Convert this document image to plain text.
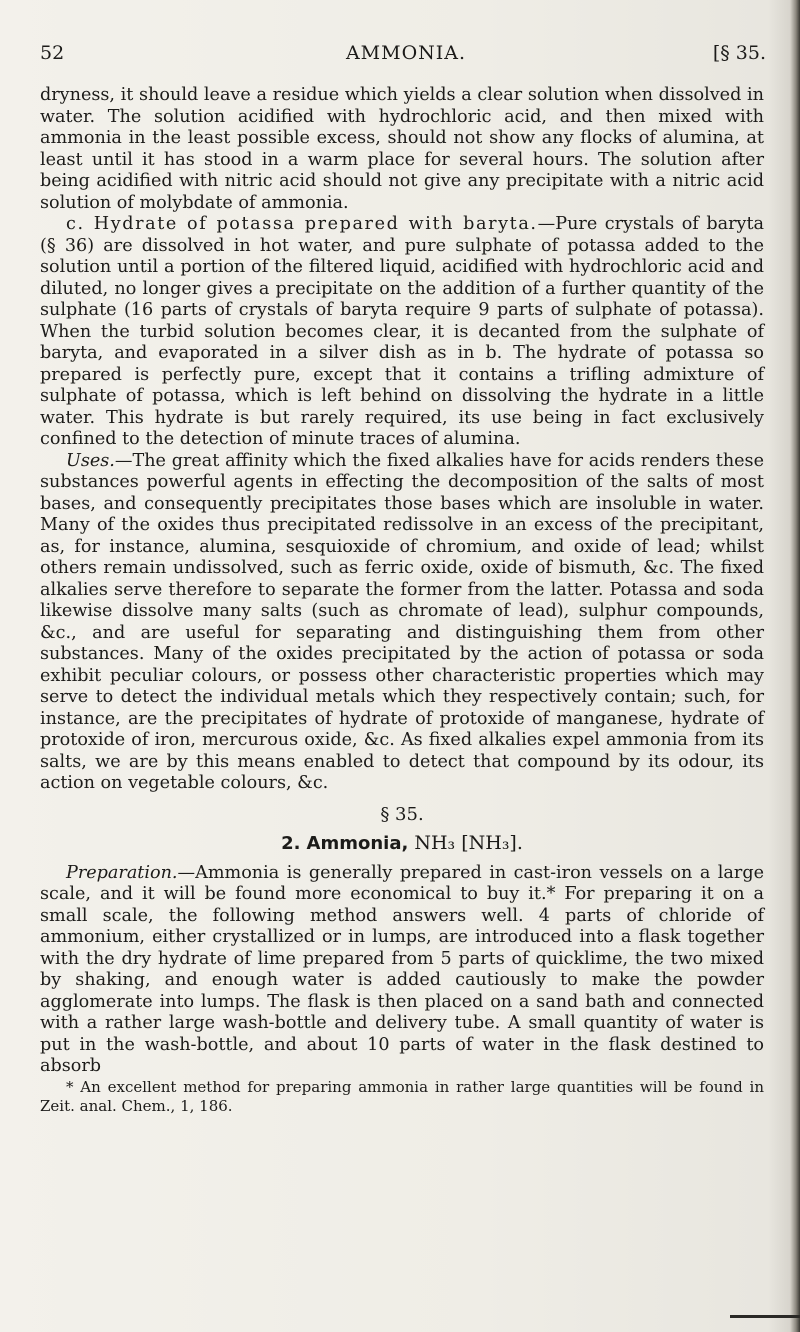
52	AMMONIA.	[§ 35.

dryness, it should leave a residue which yields a clear solution when dissolved in water. The solution acidified with hydrochloric acid, and then mixed with ammonia in the least possible excess, should not show any flocks of alumina, at least until it has stood in a warm place for several hours. The solution after being acidified with nitric acid should not give any precipitate with a nitric acid solution of molybdate of ammonia.

c. Hydrate of potassa prepared with baryta.—Pure crystals of baryta (§ 36) are dissolved in hot water, and pure sulphate of potassa added to the solution until a portion of the filtered liquid, acidified with hydrochloric acid and diluted, no longer gives a precipitate on the addition of a further quantity of the sulphate (16 parts of crystals of baryta require 9 parts of sulphate of potassa). When the turbid solution becomes clear, it is decanted from the sulphate of baryta, and evaporated in a silver dish as in b. The hydrate of potassa so prepared is perfectly pure, except that it contains a trifling admixture of sulphate of potassa, which is left behind on dissolving the hydrate in a little water. This hydrate is but rarely required, its use being in fact exclusively confined to the detection of minute traces of alumina.

Uses.—The great affinity which the fixed alkalies have for acids renders these substances powerful agents in effecting the decomposition of the salts of most bases, and consequently precipitates those bases which are insoluble in water. Many of the oxides thus precipitated redissolve in an excess of the precipitant, as, for instance, alumina, sesquioxide of chromium, and oxide of lead; whilst others remain undissolved, such as ferric oxide, oxide of bismuth, &c. The fixed alkalies serve therefore to separate the former from the latter. Potassa and soda likewise dissolve many salts (such as chromate of lead), sulphur compounds, &c., and are useful for separating and distinguishing them from other substances. Many of the oxides precipitated by the action of potassa or soda exhibit peculiar colours, or possess other characteristic properties which may serve to detect the individual metals which they respectively contain; such, for instance, are the precipitates of hydrate of protoxide of manganese, hydrate of protoxide of iron, mercurous oxide, &c. As fixed alkalies expel ammonia from its salts, we are by this means enabled to detect that compound by its odour, its action on vegetable colours, &c.

§ 35.
2. Ammonia, NH₃ [NH₃].

Preparation.—Ammonia is generally prepared in cast-iron vessels on a large scale, and it will be found more economical to buy it.* For preparing it on a small scale, the following method answers well. 4 parts of chloride of ammonium, either crystallized or in lumps, are introduced into a flask together with the dry hydrate of lime prepared from 5 parts of quicklime, the two mixed by shaking, and enough water is added cautiously to make the powder agglomerate into lumps. The flask is then placed on a sand bath and connected with a rather large wash-bottle and delivery tube. A small quantity of water is put in the wash-bottle, and about 10 parts of water in the flask destined to absorb

* An excellent method for preparing ammonia in rather large quantities will be found in Zeit. anal. Chem., 1, 186.
